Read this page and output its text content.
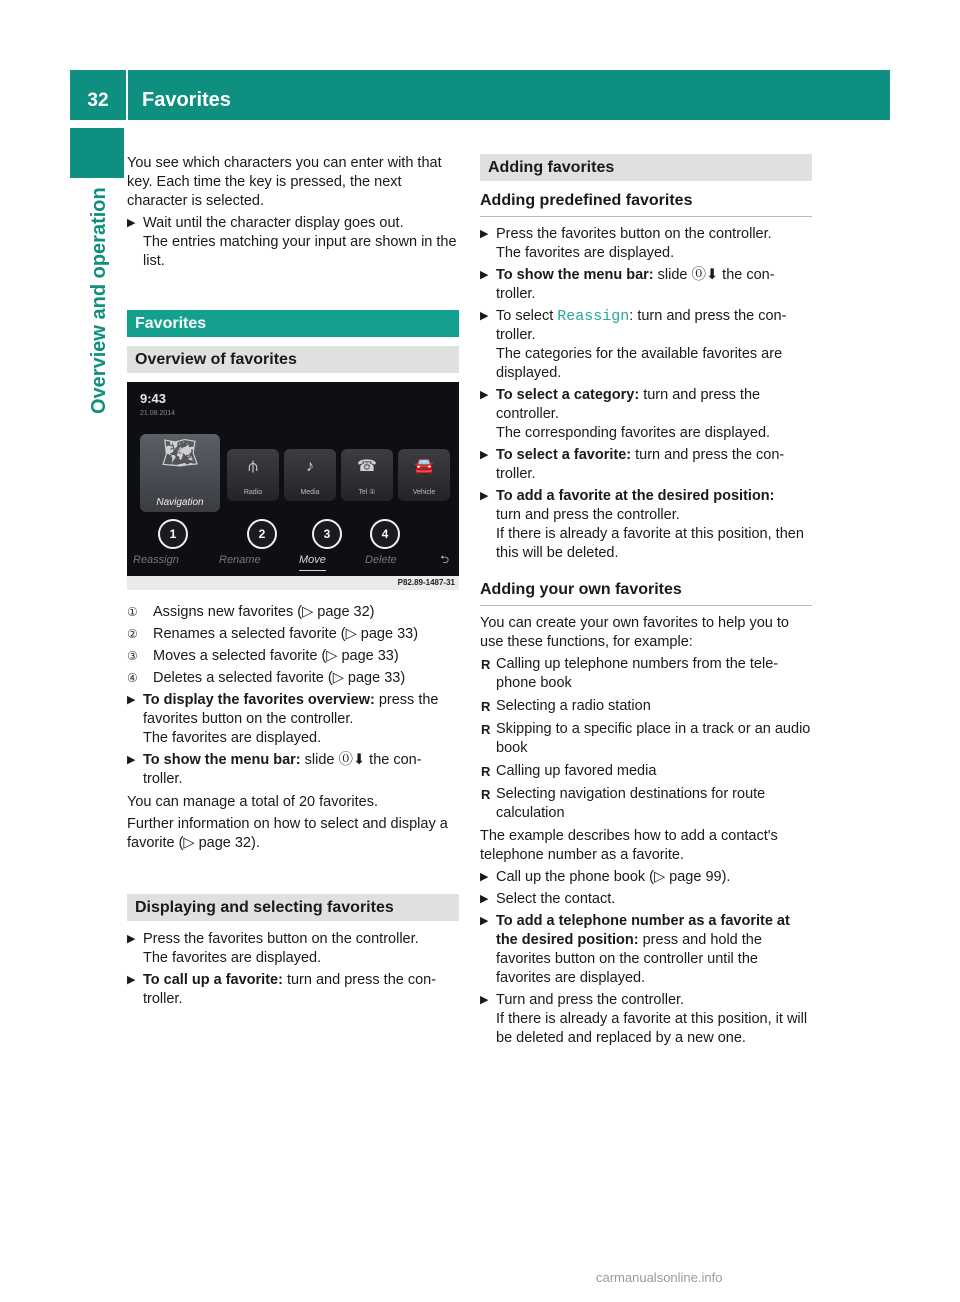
32	Favorites
Overview and operation

You see which characters you can enter with that key. Each time the key is pressed, the next character is selected.

▶ Wait until the character display goes out.
The entries matching your input are shown in the list.
Favorites
Overview of favorites
9:43
21.08.2014
🗺
Navigation
⫛
Radio
♪
Media
☎
Tel ①
🚘
Vehicle
1	2	3	4
Reassign	Rename	Move	Delete	⮌
P82.89-1487-31
① Assigns new favorites (▷ page 32)
② Renames a selected favorite (▷ page 33)
③ Moves a selected favorite (▷ page 33)
④ Deletes a selected favorite (▷ page 33)
▶ To display the favorites overview: press the favorites button on the controller.
The favorites are displayed.
▶ To show the menu bar: slide ⓪⬇ the con-troller.

You can manage a total of 20 favorites.

Further information on how to select and display a favorite (▷ page 32).

Displaying and selecting favorites
▶ Press the favorites button on the controller.
The favorites are displayed.
▶ To call up a favorite: turn and press the con-troller.
Adding favorites
Adding predefined favorites
▶ Press the favorites button on the controller.
The favorites are displayed.
▶ To show the menu bar: slide ⓪⬇ the con-troller.
▶ To select Reassign: turn and press the con-troller.
The categories for the available favorites are displayed.
▶ To select a category: turn and press the controller.
The corresponding favorites are displayed.
▶ To select a favorite: turn and press the con-troller.
▶ To add a favorite at the desired position:
turn and press the controller.
If there is already a favorite at this position, then this will be deleted.
Adding your own favorites

You can create your own favorites to help you to use these functions, for example:

R Calling up telephone numbers from the tele-phone book
R Selecting a radio station
R Skipping to a specific place in a track or an audio book
R Calling up favored media
R Selecting navigation destinations for route calculation

The example describes how to add a contact's telephone number as a favorite.

▶ Call up the phone book (▷ page 99).
▶ Select the contact.
▶ To add a telephone number as a favorite at the desired position: press and hold the favorites button on the controller until the favorites are displayed.
▶ Turn and press the controller.
If there is already a favorite at this position, it will be deleted and replaced by a new one.
carmanualsonline.info
